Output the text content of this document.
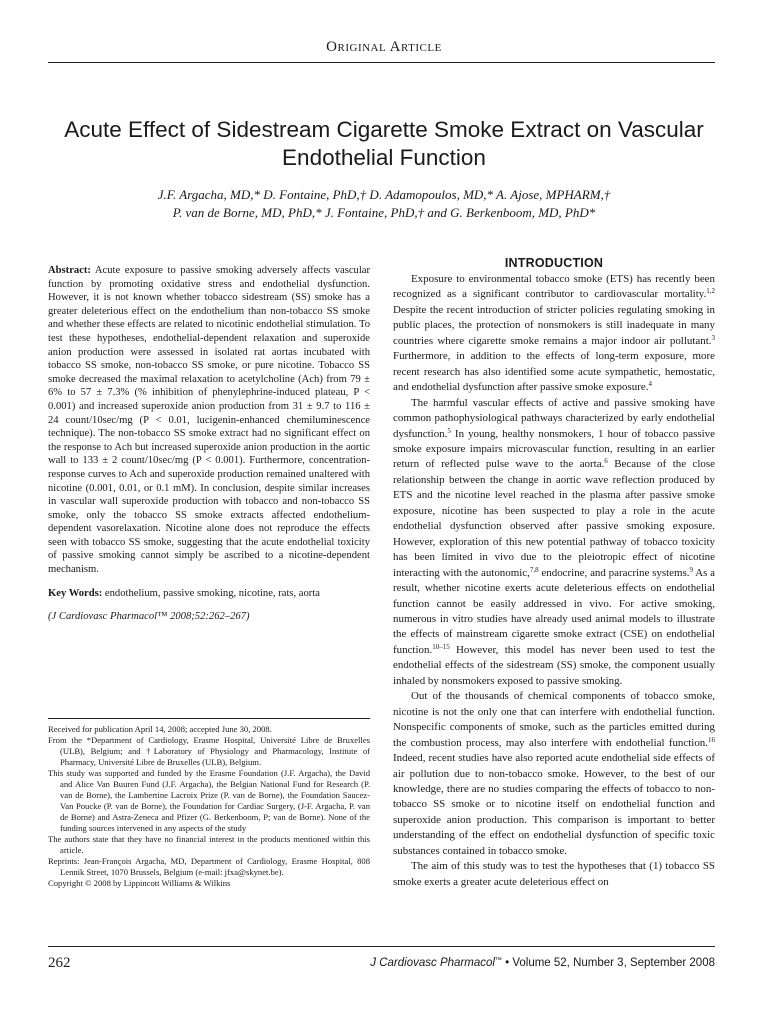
Original Article
Acute Effect of Sidestream Cigarette Smoke Extract on Vascular Endothelial Function
J.F. Argacha, MD,* D. Fontaine, PhD,† D. Adamopoulos, MD,* A. Ajose, MPHARM,†
P. van de Borne, MD, PhD,* J. Fontaine, PhD,† and G. Berkenboom, MD, PhD*

Abstract: Acute exposure to passive smoking adversely affects vascular function by promoting oxidative stress and endothelial dysfunction. However, it is not known whether tobacco sidestream (SS) smoke has a greater deleterious effect on the endothelium than non-tobacco SS smoke and whether these effects are related to nicotinic endothelial stimulation. To test these hypotheses, endothelial-dependent relaxation and superoxide anion production were assessed in isolated rat aortas incubated with tobacco SS smoke, non-tobacco SS smoke, or pure nicotine. Tobacco SS smoke decreased the maximal relaxation to acetylcholine (Ach) from 79 ± 6% to 57 ± 7.3% (% inhibition of phenylephrine-induced plateau, P < 0.001) and increased superoxide anion production from 31 ± 9.7 to 116 ± 24 count/10sec/mg (P < 0.01, lucigenin-enhanced chemiluminescence technique). The non-tobacco SS smoke extract had no significant effect on the response to Ach but increased superoxide anion production in the aortic wall to 133 ± 2 count/10sec/mg (P < 0.001). Furthermore, concentration-response curves to Ach and superoxide production remained unaltered with nicotine (0.001, 0.01, or 0.1 mM). In conclusion, despite similar increases in vascular wall superoxide production with tobacco and non-tobacco SS smoke, only the tobacco SS smoke extracts affected endothelium-dependent vasorelaxation. Nicotine alone does not reproduce the effects seen with tobacco SS smoke, suggesting that the acute endothelial toxicity of passive smoking cannot simply be ascribed to a nicotine-dependent mechanism.

Key Words: endothelium, passive smoking, nicotine, rats, aorta

(J Cardiovasc Pharmacol™ 2008;52:262–267)

Received for publication April 14, 2008; accepted June 30, 2008.

From the *Department of Cardiology, Erasme Hospital, Université Libre de Bruxelles (ULB), Belgium; and †Laboratory of Physiology and Pharmacology, Institute of Pharmacy, Université Libre de Bruxelles (ULB), Belgium.

This study was supported and funded by the Erasme Foundation (J.F. Argacha), the David and Alice Van Buuren Fund (J.F. Argacha), the Belgian National Fund for Research (P. van de Borne), the Lambertine Lacroix Prize (P. van de Borne), the Foundation Saucez-Van Poucke (P. van de Borne), the Foundation for Cardiac Surgery, (J-F. Argacha, P. van de Borne) and Astra-Zeneca and Pfizer (G. Berkenboom, P; van de Borne). None of the funding sources intervened in any aspects of the study

The authors state that they have no financial interest in the products mentioned within this article.

Reprints: Jean-François Argacha, MD, Department of Cardiology, Erasme Hospital, 808 Lennik Street, 1070 Brussels, Belgium (e-mail: jfxa@skynet.be).

Copyright © 2008 by Lippincott Williams & Wilkins

INTRODUCTION

Exposure to environmental tobacco smoke (ETS) has recently been recognized as a significant contributor to cardiovascular mortality.$^{1,2}$ Despite the recent introduction of stricter policies regulating smoking in public places, the protection of nonsmokers is still inadequate in many countries where cigarette smoke remains a major indoor air pollutant.$^3$ Furthermore, in addition to the effects of long-term exposure, more recent research has also identified some acute sympathetic, hemostatic, and endothelial dysfunction after passive smoke exposure.$^4$

The harmful vascular effects of active and passive smoking have common pathophysiological pathways characterized by early endothelial dysfunction.$^5$ In young, healthy nonsmokers, 1 hour of tobacco passive smoke exposure impairs microvascular function, resulting in an earlier return of reflected pulse wave to the aorta.$^6$ Because of the close relationship between the change in aortic wave reflection produced by ETS and the nicotine level reached in the plasma after passive smoke exposure, nicotine has been suspected to play a role in the acute endothelial dysfunction observed after passive smoking exposure. However, exploration of this new potential pathway of tobacco toxicity has been limited in vivo due to the pleiotropic effect of nicotine interacting with the autonomic,$^{7,8}$ endocrine, and paracrine systems.$^9$ As a result, whether nicotine exerts acute deleterious effects on endothelial function cannot be easily addressed in vivo. For active smoking, numerous in vitro studies have already used animal models to illustrate the effects of mainstream cigarette smoke extract (CSE) on endothelial function.$^{10-15}$ However, this model has never been used to test the endothelial effects of the sidestream (SS) smoke, the component usually inhaled by nonsmokers exposed to passive smoking.

Out of the thousands of chemical components of tobacco smoke, nicotine is not the only one that can interfere with endothelial function. Nonspecific components of smoke, such as the particles emitted during the combustion process, may also interfere with endothelial function.$^{16}$ Indeed, recent studies have also reported acute endothelial side effects of air pollution due to non-tobacco smoke. However, to the best of our knowledge, there are no studies comparing the effects of tobacco to non-tobacco SS smoke or to nicotine itself on endothelial function and superoxide anion production. This comparison is important to better understanding of the effect on endothelial dysfunction of specific toxic substances contained in tobacco smoke.

The aim of this study was to test the hypotheses that (1) tobacco SS smoke exerts a greater acute deleterious effect on

262	J Cardiovasc Pharmacol™ • Volume 52, Number 3, September 2008
